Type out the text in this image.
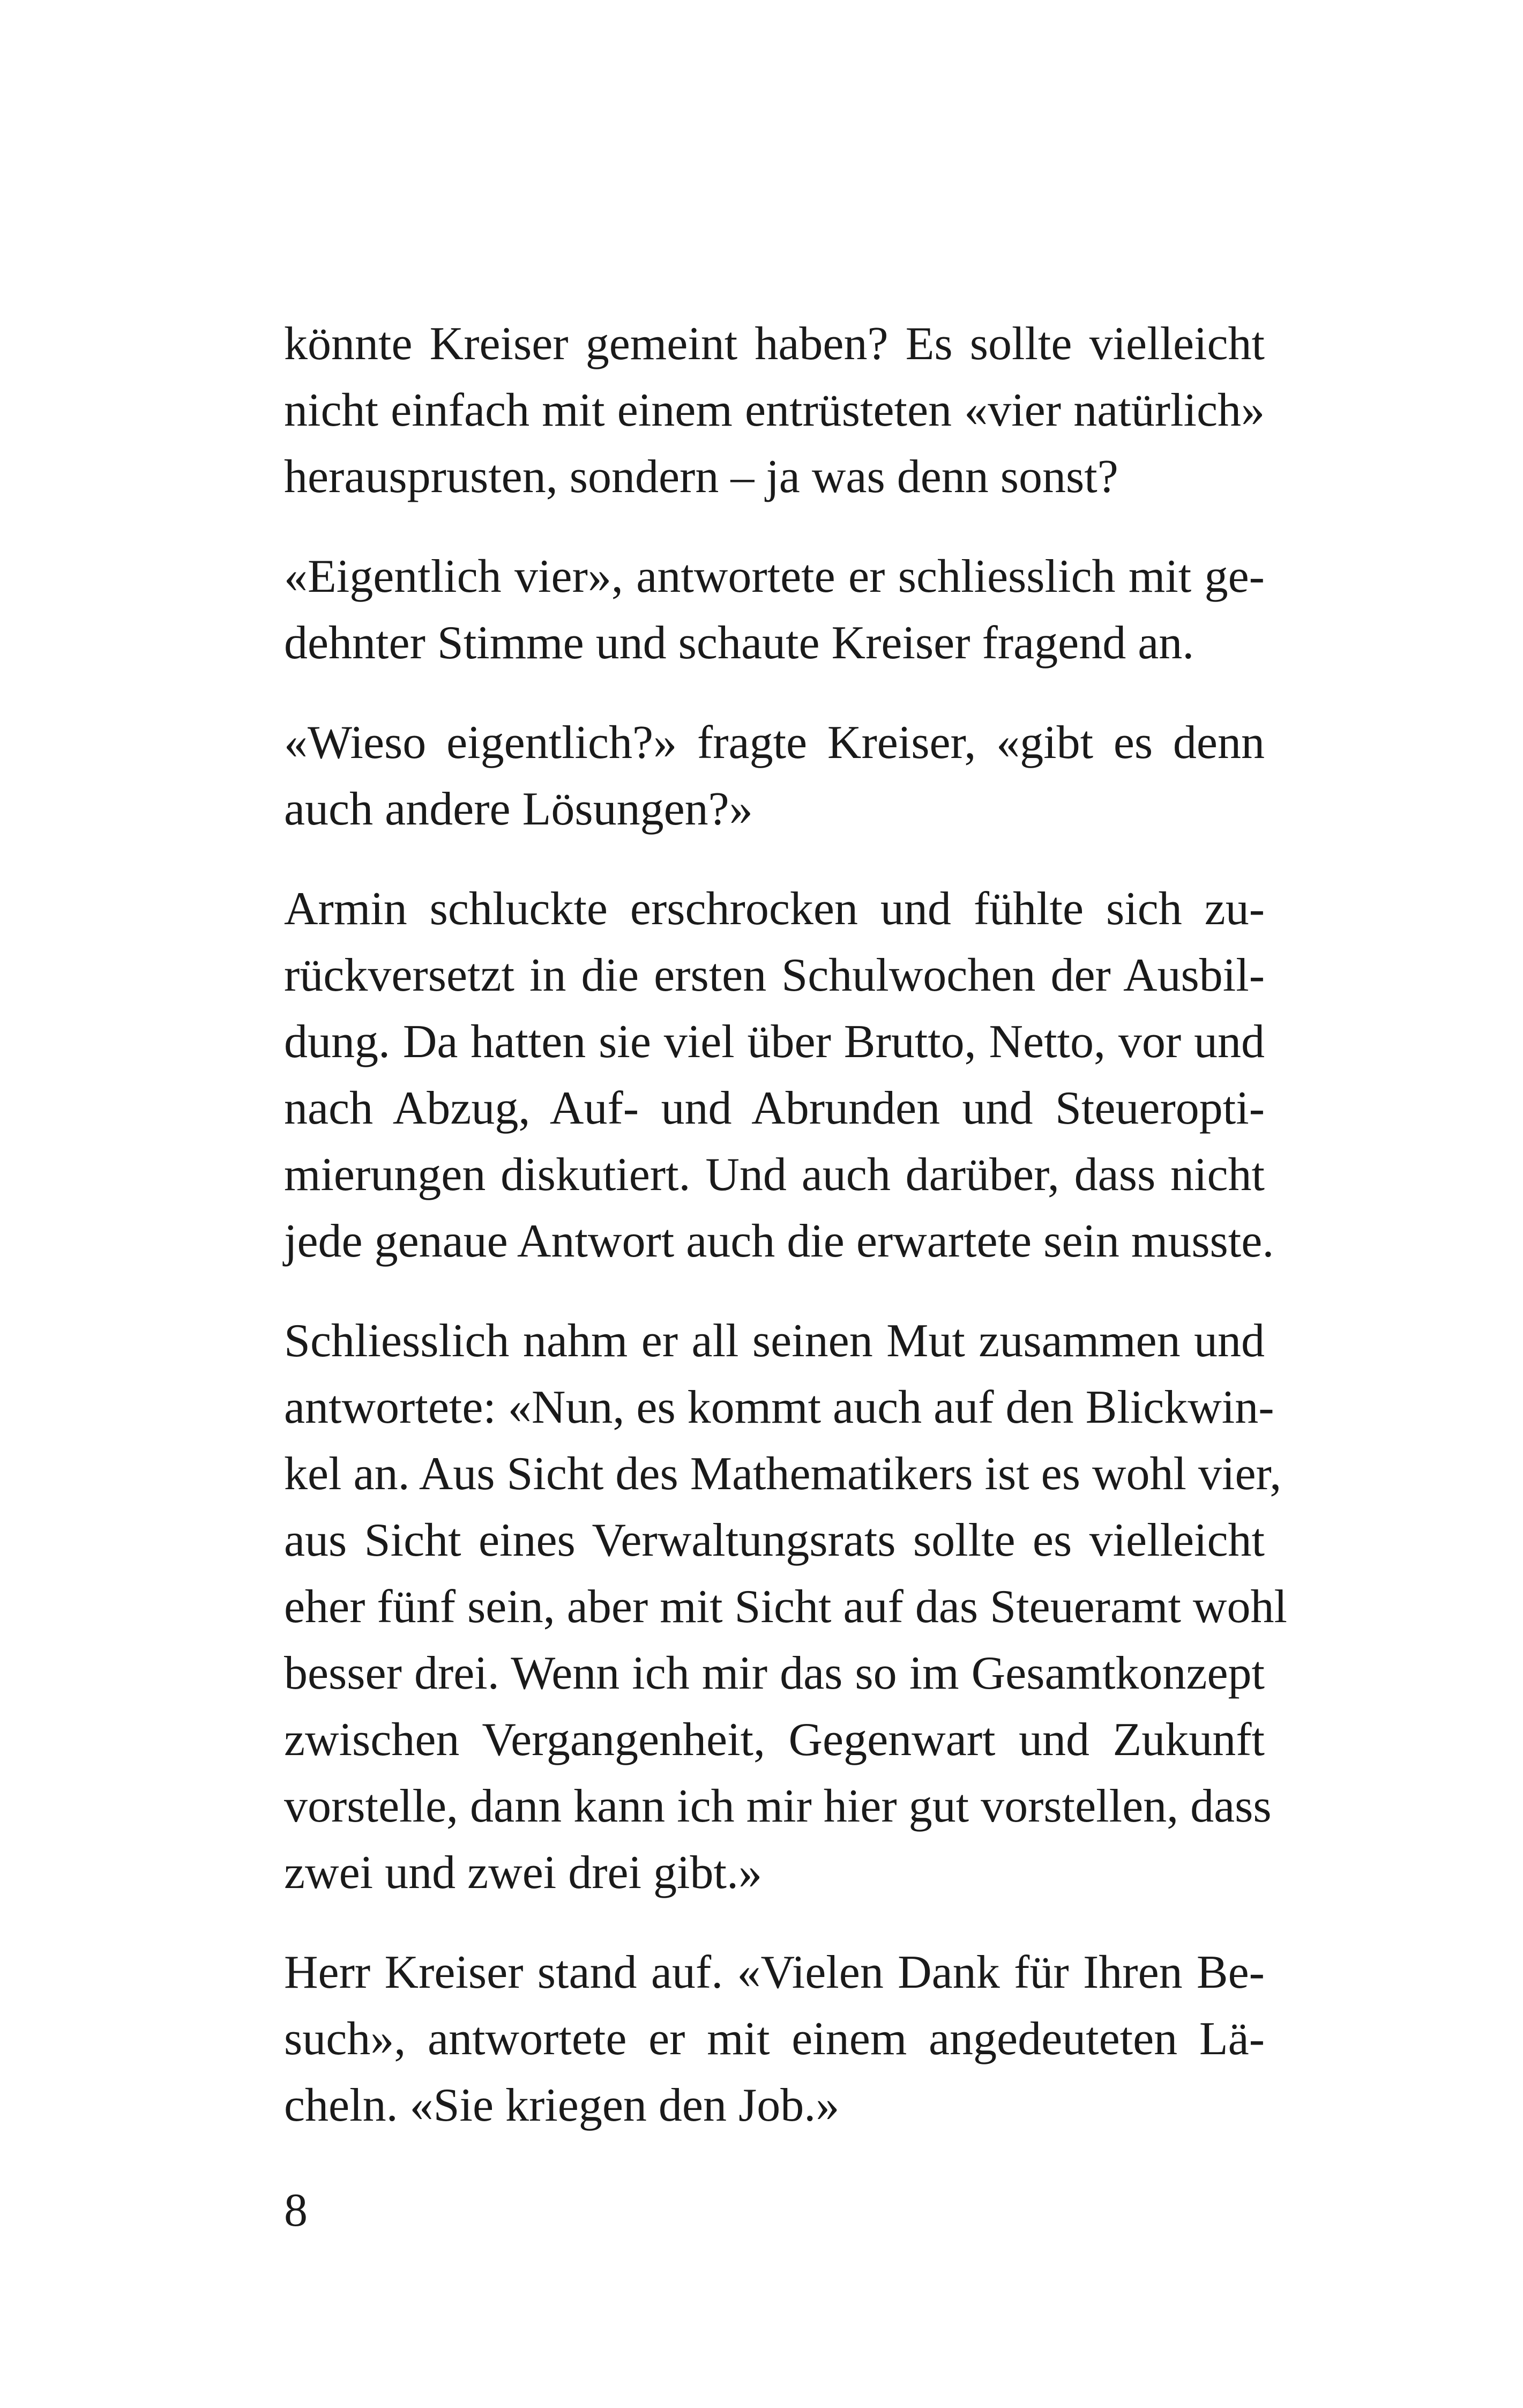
könnte Kreiser gemeint haben? Es sollte vielleicht
nicht einfach mit einem entrüsteten «vier natürlich»
herausprusten, sondern – ja was denn sonst?
«Eigentlich vier», antwortete er schliesslich mit ge-
dehnter Stimme und schaute Kreiser fragend an.
«Wieso eigentlich?» fragte Kreiser, «gibt es denn
auch andere Lösungen?»
Armin schluckte erschrocken und fühlte sich zu-
rückversetzt in die ersten Schulwochen der Ausbil-
dung. Da hatten sie viel über Brutto, Netto, vor und
nach Abzug, Auf- und Abrunden und Steueropti-
mierungen diskutiert. Und auch darüber, dass nicht
jede genaue Antwort auch die erwartete sein musste.
Schliesslich nahm er all seinen Mut zusammen und
antwortete: «Nun, es kommt auch auf den Blickwin-
kel an. Aus Sicht des Mathematikers ist es wohl vier,
aus Sicht eines Verwaltungsrats sollte es vielleicht
eher fünf sein, aber mit Sicht auf das Steueramt wohl
besser drei. Wenn ich mir das so im Gesamtkonzept
zwischen Vergangenheit, Gegenwart und Zukunft
vorstelle, dann kann ich mir hier gut vorstellen, dass
zwei und zwei drei gibt.»
Herr Kreiser stand auf. «Vielen Dank für Ihren Be-
such», antwortete er mit einem angedeuteten Lä-
cheln. «Sie kriegen den Job.»
8
